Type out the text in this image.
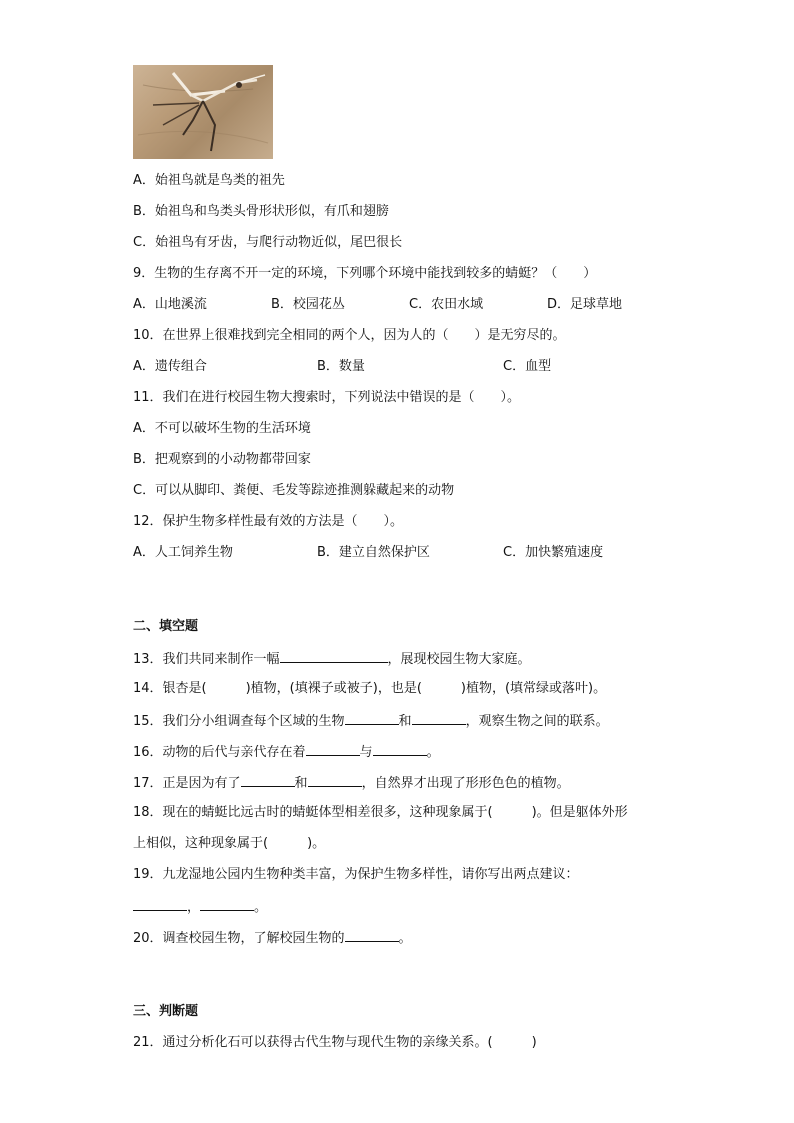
A．始祖鸟就是鸟类的祖先
B．始祖鸟和鸟类头骨形状形似，有爪和翅膀
C．始祖鸟有牙齿，与爬行动物近似，尾巴很长
9．生物的生存离不开一定的环境，下列哪个环境中能找到较多的蜻蜓？（　　）
A．山地溪流	B．校园花丛	C．农田水域	D．足球草地
10．在世界上很难找到完全相同的两个人，因为人的（　　）是无穷尽的。
A．遗传组合	B．数量	C．血型
11．我们在进行校园生物大搜索时，下列说法中错误的是（　　）。
A．不可以破坏生物的生活环境
B．把观察到的小动物都带回家
C．可以从脚印、粪便、毛发等踪迹推测躲藏起来的动物
12．保护生物多样性最有效的方法是（　　）。
A．人工饲养生物	B．建立自然保护区	C．加快繁殖速度
二、填空题
13．我们共同来制作一幅	，展现校园生物大家庭。
14．银杏是(　　　)植物，(填裸子或被子)，也是(　　　)植物，(填常绿或落叶)。
15．我们分小组调查每个区域的生物	和	，观察生物之间的联系。
16．动物的后代与亲代存在着	与	。
17．正是因为有了	和	，自然界才出现了形形色色的植物。
18．现在的蜻蜓比远古时的蜻蜓体型相差很多，这种现象属于(　　　)。但是躯体外形
上相似，这种现象属于(　　　)。
19．九龙湿地公园内生物种类丰富，为保护生物多样性，请你写出两点建议：
，	。
20．调查校园生物，了解校园生物的	。
三、判断题
21．通过分析化石可以获得古代生物与现代生物的亲缘关系。(　　　)
